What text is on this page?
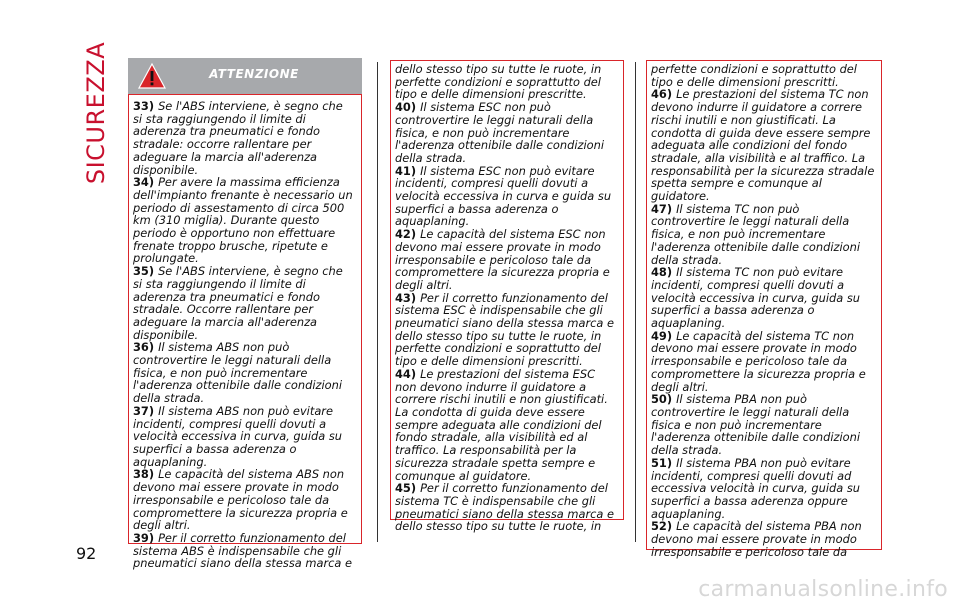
SICUREZZA
92
ATTENZIONE

33) Se l'ABS interviene, è segno che si sta raggiungendo il limite di aderenza tra pneumatici e fondo stradale: occorre rallentare per adeguare la marcia all'aderenza disponibile.

34) Per avere la massima efficienza dell'impianto frenante è necessario un periodo di assestamento di circa 500 km (310 miglia). Durante questo periodo è opportuno non effettuare frenate troppo brusche, ripetute e prolungate.

35) Se l'ABS interviene, è segno che si sta raggiungendo il limite di aderenza tra pneumatici e fondo stradale. Occorre rallentare per adeguare la marcia all'aderenza disponibile.

36) Il sistema ABS non può controvertire le leggi naturali della fisica, e non può incrementare l'aderenza ottenibile dalle condizioni della strada.

37) Il sistema ABS non può evitare incidenti, compresi quelli dovuti a velocità eccessiva in curva, guida su superfici a bassa aderenza o aquaplaning.

38) Le capacità del sistema ABS non devono mai essere provate in modo irresponsabile e pericoloso tale da compromettere la sicurezza propria e degli altri.

39) Per il corretto funzionamento del sistema ABS è indispensabile che gli pneumatici siano della stessa marca e

dello stesso tipo su tutte le ruote, in perfette condizioni e soprattutto del tipo e delle dimensioni prescritte.

40) Il sistema ESC non può controvertire le leggi naturali della fisica, e non può incrementare l'aderenza ottenibile dalle condizioni della strada.

41) Il sistema ESC non può evitare incidenti, compresi quelli dovuti a velocità eccessiva in curva e guida su superfici a bassa aderenza o aquaplaning.

42) Le capacità del sistema ESC non devono mai essere provate in modo irresponsabile e pericoloso tale da compromettere la sicurezza propria e degli altri.

43) Per il corretto funzionamento del sistema ESC è indispensabile che gli pneumatici siano della stessa marca e dello stesso tipo su tutte le ruote, in perfette condizioni e soprattutto del tipo e delle dimensioni prescritti.

44) Le prestazioni del sistema ESC non devono indurre il guidatore a correre rischi inutili e non giustificati. La condotta di guida deve essere sempre adeguata alle condizioni del fondo stradale, alla visibilità ed al traffico. La responsabilità per la sicurezza stradale spetta sempre e comunque al guidatore.

45) Per il corretto funzionamento del sistema TC è indispensabile che gli pneumatici siano della stessa marca e dello stesso tipo su tutte le ruote, in

perfette condizioni e soprattutto del tipo e delle dimensioni prescritti.

46) Le prestazioni del sistema TC non devono indurre il guidatore a correre rischi inutili e non giustificati. La condotta di guida deve essere sempre adeguata alle condizioni del fondo stradale, alla visibilità e al traffico. La responsabilità per la sicurezza stradale spetta sempre e comunque al guidatore.

47) Il sistema TC non può controvertire le leggi naturali della fisica, e non può incrementare l'aderenza ottenibile dalle condizioni della strada.

48) Il sistema TC non può evitare incidenti, compresi quelli dovuti a velocità eccessiva in curva, guida su superfici a bassa aderenza o aquaplaning.

49) Le capacità del sistema TC non devono mai essere provate in modo irresponsabile e pericoloso tale da compromettere la sicurezza propria e degli altri.

50) Il sistema PBA non può controvertire le leggi naturali della fisica e non può incrementare l'aderenza ottenibile dalle condizioni della strada.

51) Il sistema PBA non può evitare incidenti, compresi quelli dovuti ad eccessiva velocità in curva, guida su superfici a bassa aderenza oppure aquaplaning.

52) Le capacità del sistema PBA non devono mai essere provate in modo irresponsabile e pericoloso tale da

carmanualsonline.info
